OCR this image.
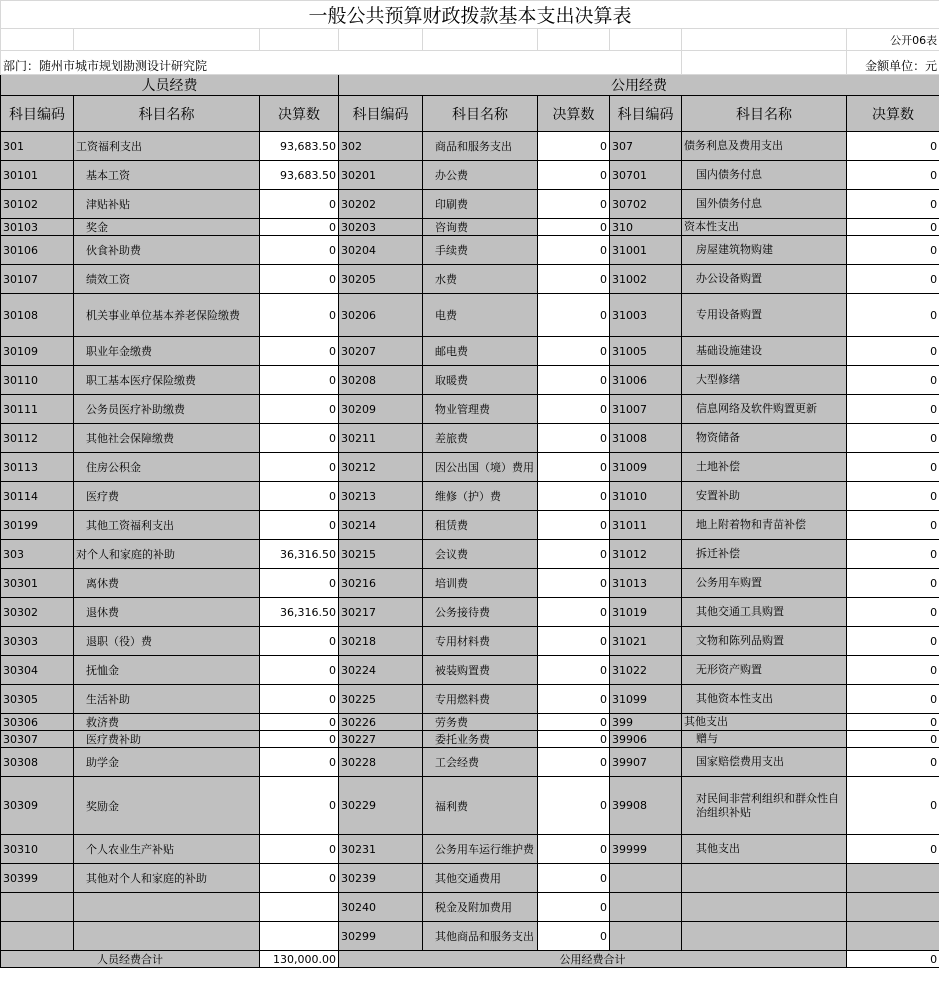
一般公共预算财政拨款基本支出决算表								
								公开06表
部门：随州市城市规划勘测设计研究院								金额单位：元
人员经费			公用经费					
科目编码	科目名称	决算数	科目编码	科目名称	决算数	科目编码	科目名称	决算数
301	工资福利支出	93,683.50	302	商品和服务支出	0	307	债务利息及费用支出	0
30101	基本工资	93,683.50	30201	办公费	0	30701	国内债务付息	0
30102	津贴补贴	0	30202	印刷费	0	30702	国外债务付息	0
30103	奖金	0	30203	咨询费	0	310	资本性支出	0
30106	伙食补助费	0	30204	手续费	0	31001	房屋建筑物购建	0
30107	绩效工资	0	30205	水费	0	31002	办公设备购置	0
30108	机关事业单位基本养老保险缴费	0	30206	电费	0	31003	专用设备购置	0
30109	职业年金缴费	0	30207	邮电费	0	31005	基础设施建设	0
30110	职工基本医疗保险缴费	0	30208	取暖费	0	31006	大型修缮	0
30111	公务员医疗补助缴费	0	30209	物业管理费	0	31007	信息网络及软件购置更新	0
30112	其他社会保障缴费	0	30211	差旅费	0	31008	物资储备	0
30113	住房公积金	0	30212	因公出国（境）费用	0	31009	土地补偿	0
30114	医疗费	0	30213	维修（护）费	0	31010	安置补助	0
30199	其他工资福利支出	0	30214	租赁费	0	31011	地上附着物和青苗补偿	0
303	对个人和家庭的补助	36,316.50	30215	会议费	0	31012	拆迁补偿	0
30301	离休费	0	30216	培训费	0	31013	公务用车购置	0
30302	退休费	36,316.50	30217	公务接待费	0	31019	其他交通工具购置	0
30303	退职（役）费	0	30218	专用材料费	0	31021	文物和陈列品购置	0
30304	抚恤金	0	30224	被装购置费	0	31022	无形资产购置	0
30305	生活补助	0	30225	专用燃料费	0	31099	其他资本性支出	0
30306	救济费	0	30226	劳务费	0	399	其他支出	0
30307	医疗费补助	0	30227	委托业务费	0	39906	赠与	0
30308	助学金	0	30228	工会经费	0	39907	国家赔偿费用支出	0
30309	奖励金	0	30229	福利费	0	39908	对民间非营利组织和群众性自治组织补贴	0
30310	个人农业生产补贴	0	30231	公务用车运行维护费	0	39999	其他支出	0
30399	其他对个人和家庭的补助	0	30239	其他交通费用	0			
			30240	税金及附加费用	0			
			30299	其他商品和服务支出	0			
人员经费合计		130,000.00	公用经费合计					0
